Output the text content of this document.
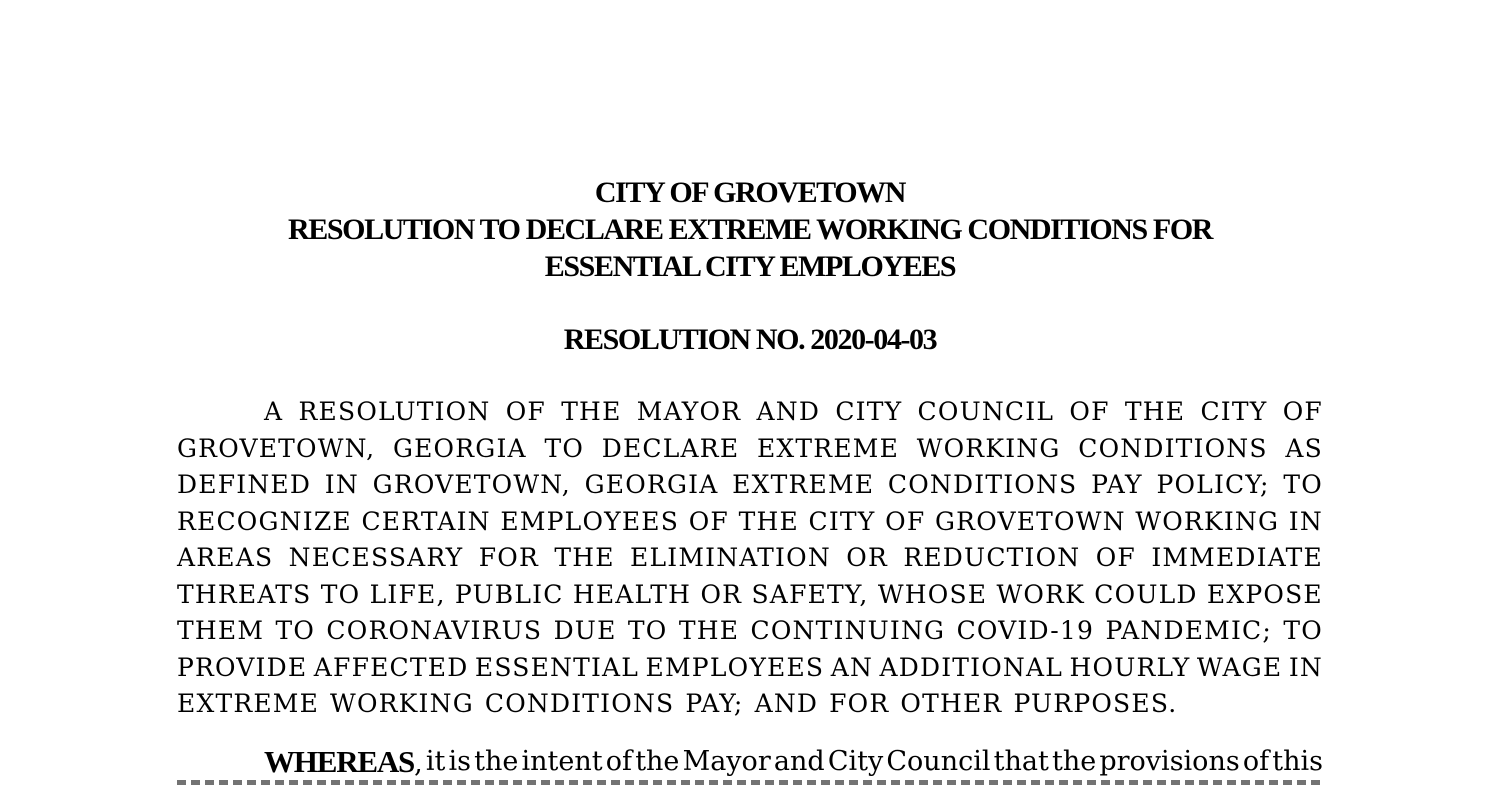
CITY OF GROVETOWN
RESOLUTION TO DECLARE EXTREME WORKING CONDITIONS FOR
ESSENTIAL CITY EMPLOYEES
RESOLUTION NO. 2020-04-03
A RESOLUTION OF THE MAYOR AND CITY COUNCIL OF THE CITY OF
GROVETOWN, GEORGIA TO DECLARE EXTREME WORKING CONDITIONS AS
DEFINED IN GROVETOWN, GEORGIA EXTREME CONDITIONS PAY POLICY; TO
RECOGNIZE CERTAIN EMPLOYEES OF THE CITY OF GROVETOWN WORKING IN
AREAS NECESSARY FOR THE ELIMINATION OR REDUCTION OF IMMEDIATE
THREATS TO LIFE, PUBLIC HEALTH OR SAFETY, WHOSE WORK COULD EXPOSE
THEM TO CORONAVIRUS DUE TO THE CONTINUING COVID-19 PANDEMIC; TO
PROVIDE AFFECTED ESSENTIAL EMPLOYEES AN ADDITIONAL HOURLY WAGE IN
EXTREME WORKING CONDITIONS PAY; AND FOR OTHER PURPOSES.
WHEREAS, it is the intent of the Mayor and City Council that the provisions of this
